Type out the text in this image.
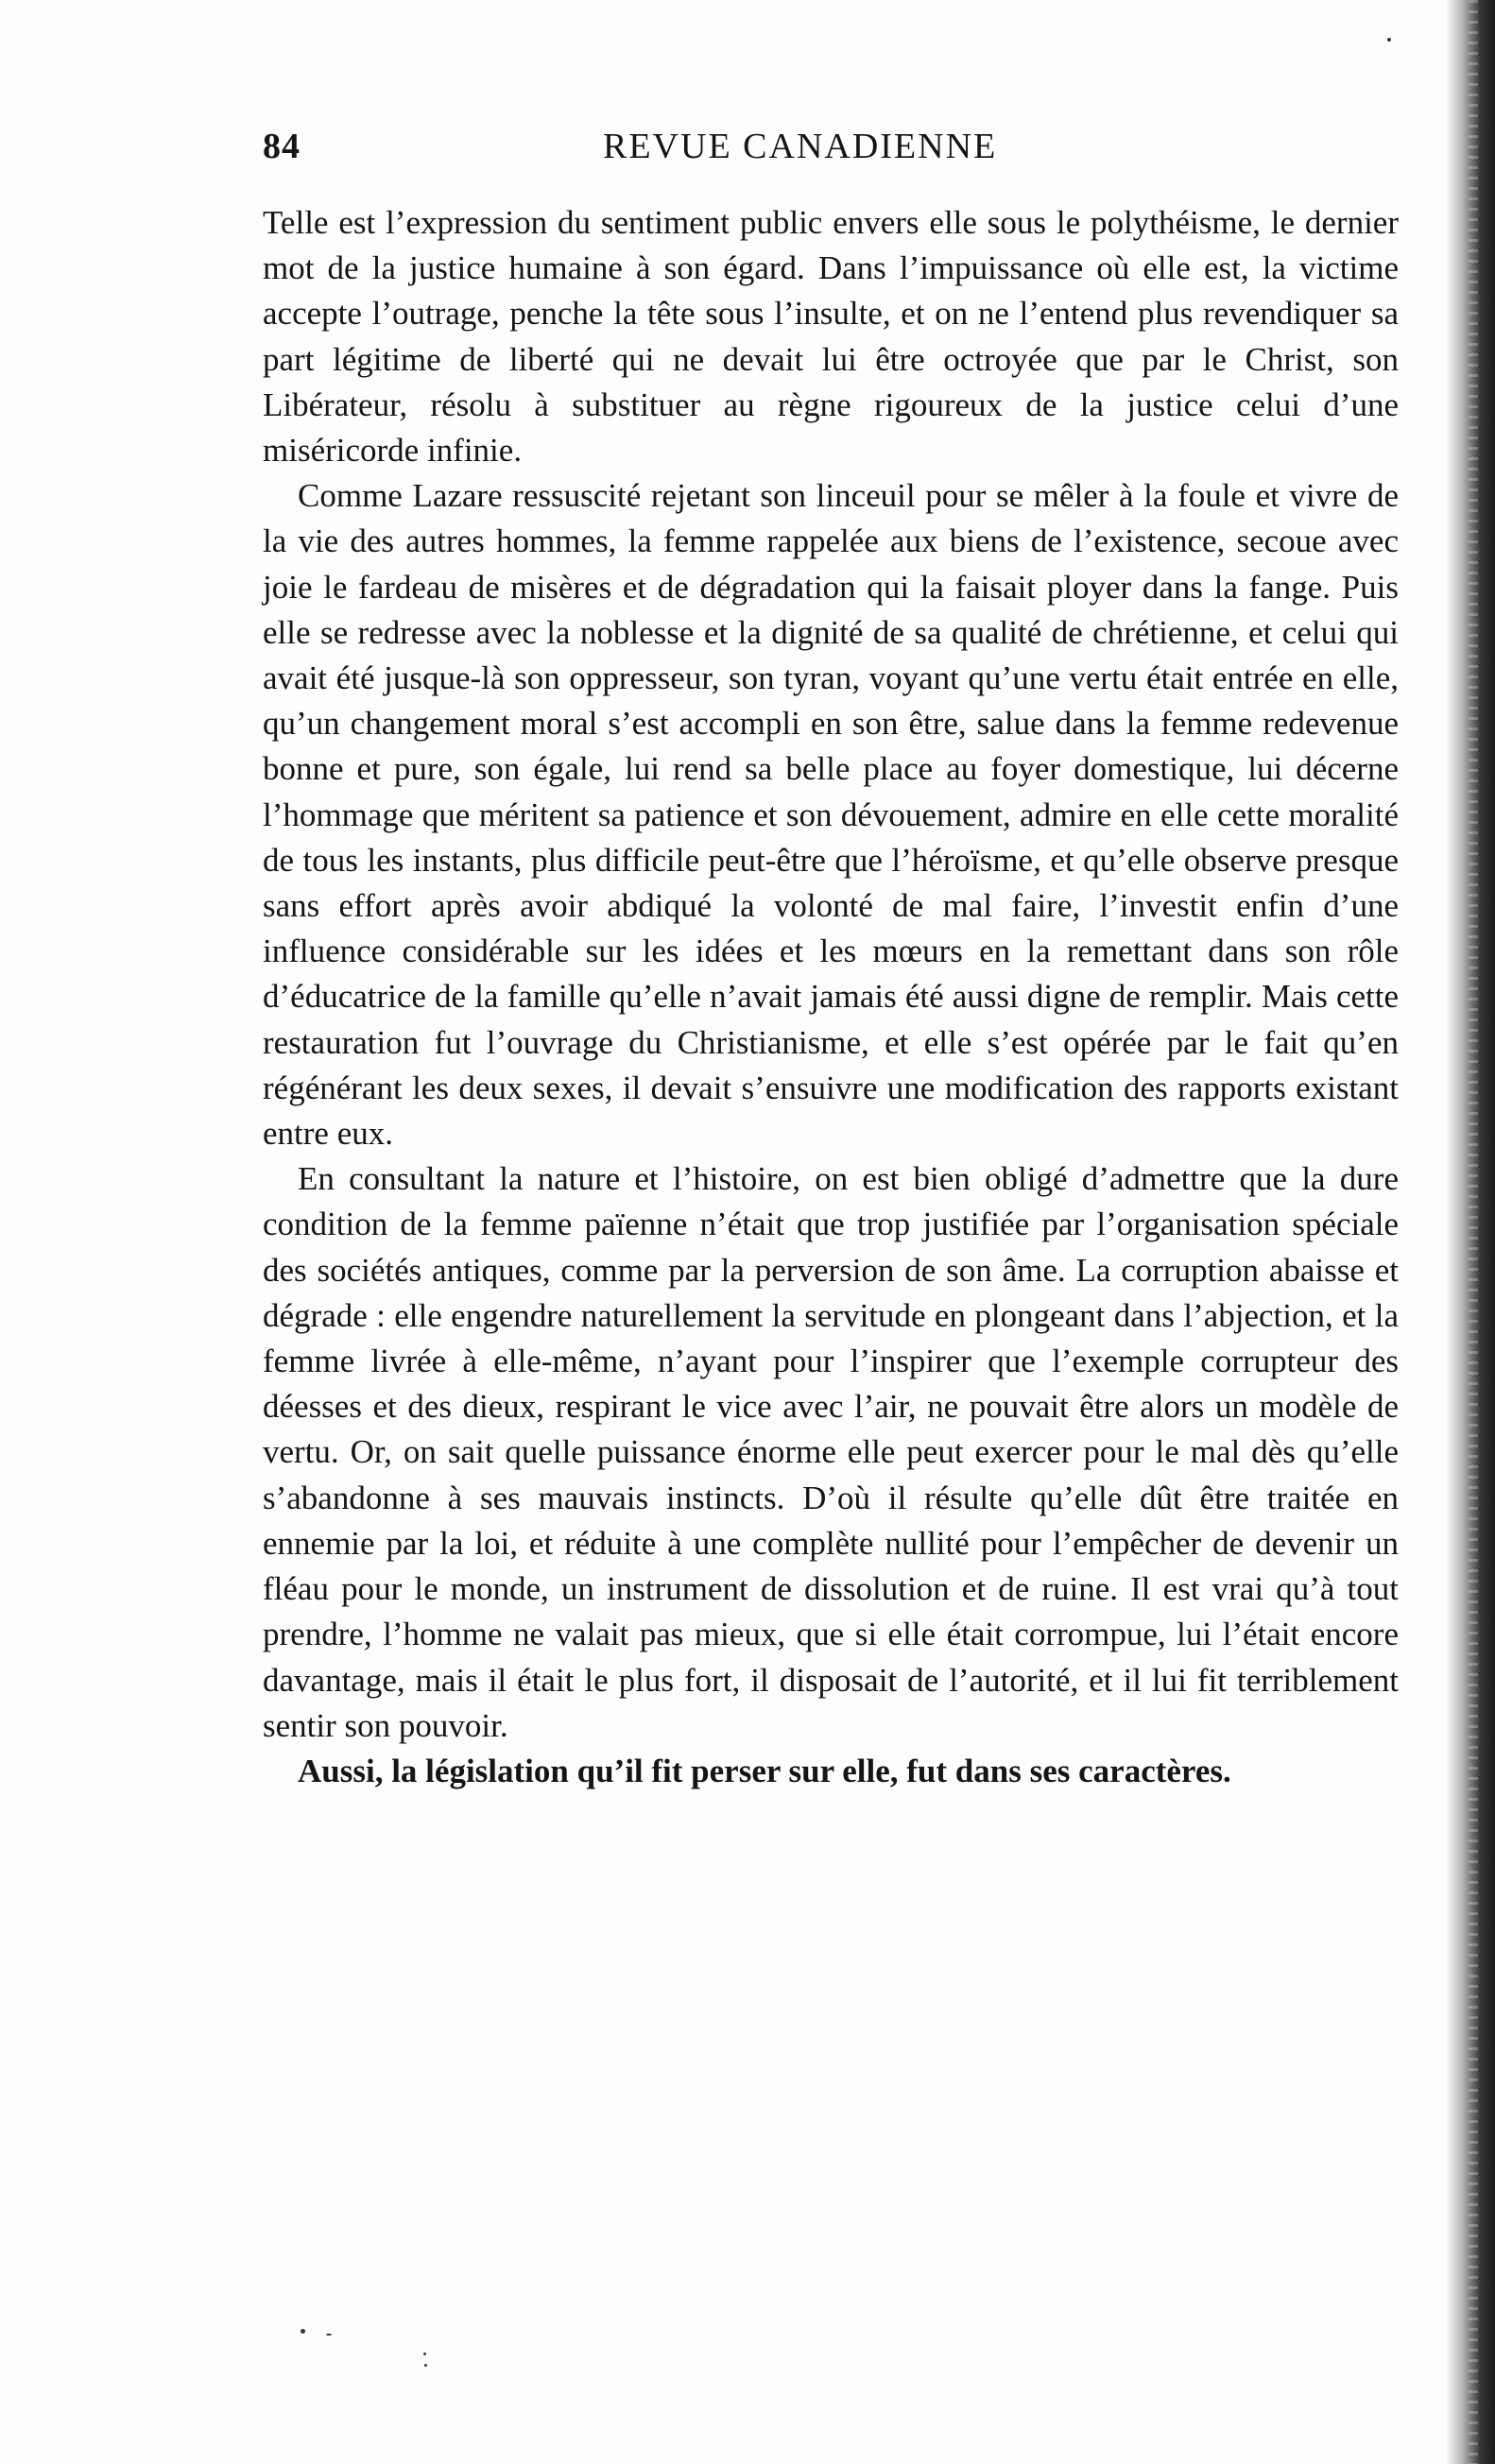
84	REVUE CANADIENNE

Telle est l’expression du sentiment public envers elle sous le polythéisme, le dernier mot de la justice humaine à son égard. Dans l’impuissance où elle est, la victime accepte l’outrage, penche la tête sous l’insulte, et on ne l’entend plus revendiquer sa part légitime de liberté qui ne devait lui être octroyée que par le Christ, son Libérateur, résolu à substituer au règne rigoureux de la justice celui d’une miséricorde infinie.

Comme Lazare ressuscité rejetant son linceuil pour se mêler à la foule et vivre de la vie des autres hommes, la femme rappelée aux biens de l’existence, secoue avec joie le fardeau de misères et de dégradation qui la faisait ployer dans la fange. Puis elle se redresse avec la noblesse et la dignité de sa qualité de chrétienne, et celui qui avait été jusque-là son oppresseur, son tyran, voyant qu’une vertu était entrée en elle, qu’un changement moral s’est accompli en son être, salue dans la femme redevenue bonne et pure, son égale, lui rend sa belle place au foyer domestique, lui décerne l’hommage que méritent sa patience et son dévouement, admire en elle cette moralité de tous les instants, plus difficile peut-être que l’héroïsme, et qu’elle observe presque sans effort après avoir abdiqué la volonté de mal faire, l’investit enfin d’une influence considérable sur les idées et les mœurs en la remettant dans son rôle d’éducatrice de la famille qu’elle n’avait jamais été aussi digne de remplir. Mais cette restauration fut l’ouvrage du Christianisme, et elle s’est opérée par le fait qu’en régénérant les deux sexes, il devait s’ensuivre une modification des rapports existant entre eux.

En consultant la nature et l’histoire, on est bien obligé d’admettre que la dure condition de la femme païenne n’était que trop justifiée par l’organisation spéciale des sociétés antiques, comme par la perversion de son âme. La corruption abaisse et dégrade : elle engendre naturellement la servitude en plongeant dans l’abjection, et la femme livrée à elle-même, n’ayant pour l’inspirer que l’exemple corrupteur des déesses et des dieux, respirant le vice avec l’air, ne pouvait être alors un modèle de vertu. Or, on sait quelle puissance énorme elle peut exercer pour le mal dès qu’elle s’abandonne à ses mauvais instincts. D’où il résulte qu’elle dût être traitée en ennemie par la loi, et réduite à une complète nullité pour l’empêcher de devenir un fléau pour le monde, un instrument de dissolution et de ruine. Il est vrai qu’à tout prendre, l’homme ne valait pas mieux, que si elle était corrompue, lui l’était encore davantage, mais il était le plus fort, il disposait de l’autorité, et il lui fit terriblement sentir son pouvoir.

Aussi, la législation qu’il fit perser sur elle, fut dans ses caractères.
